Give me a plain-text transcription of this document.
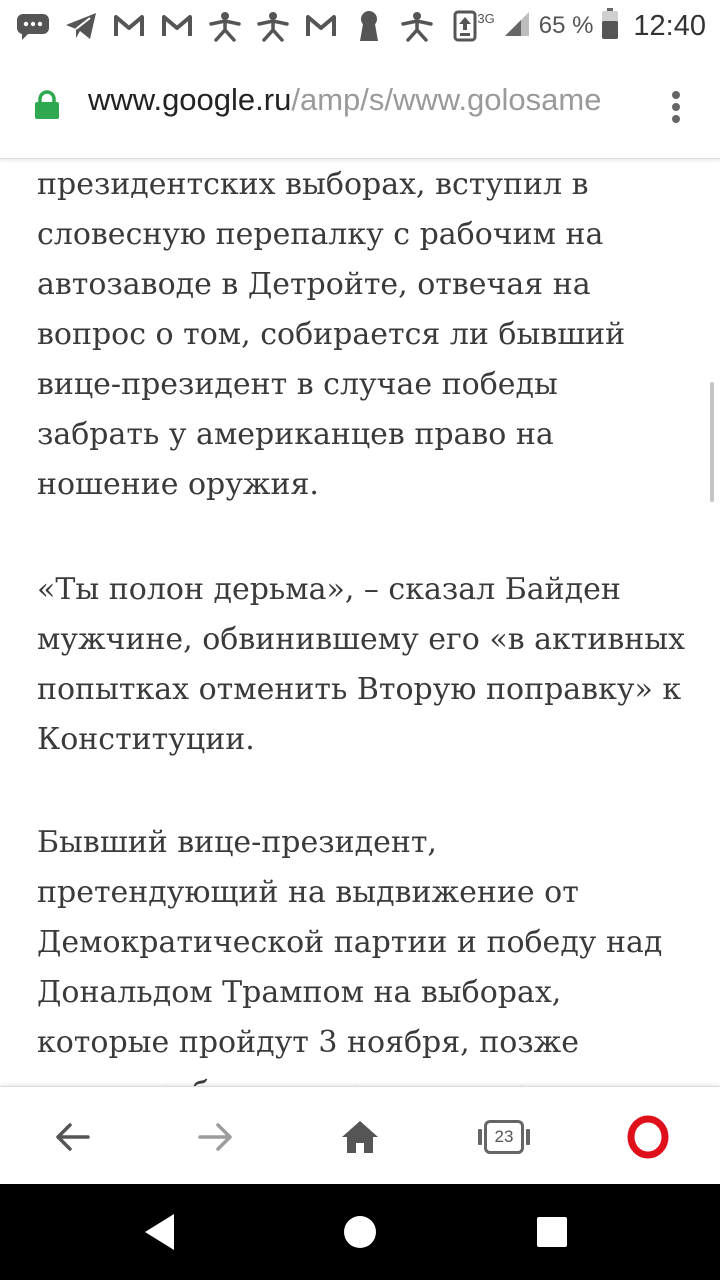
3G 65 % 12:40
www.google.ru/amp/s/www.golosame

президентских выборах, вступил в словесную перепалку с рабочим на автозаводе в Детройте, отвечая на вопрос о том, собирается ли бывший вице-президент в случае победы забрать у американцев право на ношение оружия.

«Ты полон дерьма», – сказал Байден мужчине, обвинившему его «в активных попытках отменить Вторую поправку» к Конституции.

Бывший вице-президент, претендующий на выдвижение от Демократической партии и победу над Дональдом Трампом на выборах, которые пройдут 3 ноября, позже

23
